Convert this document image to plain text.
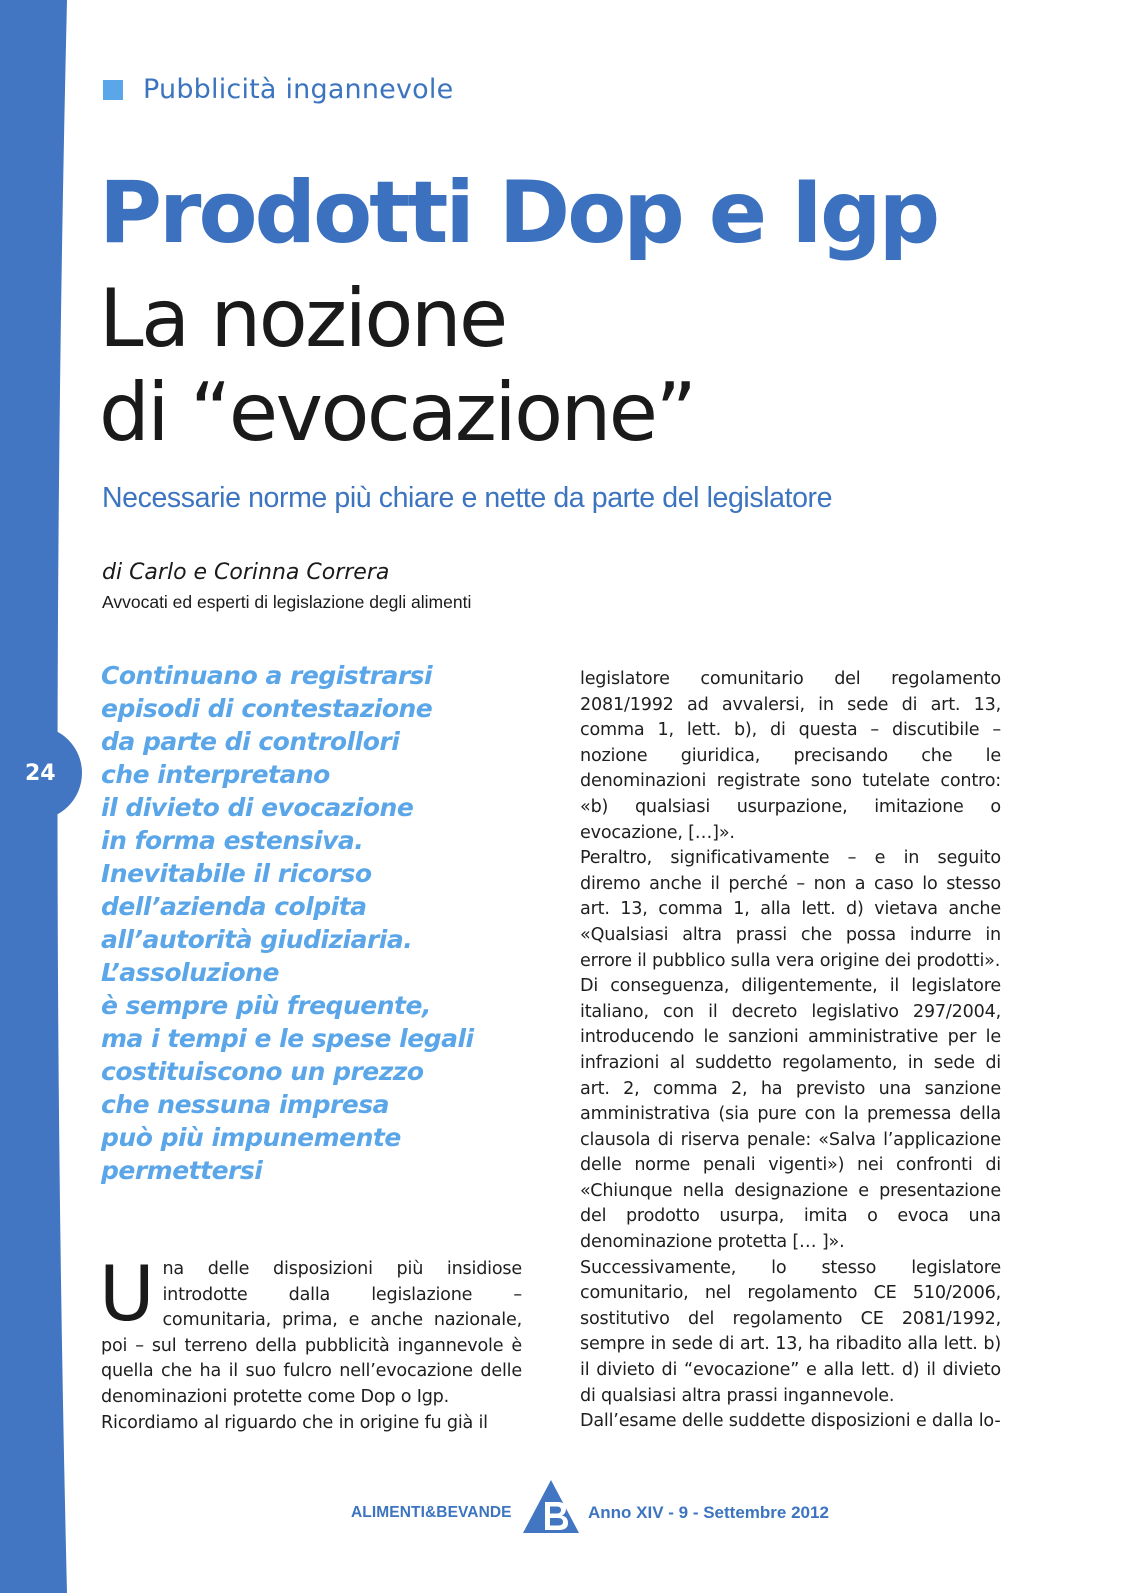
Pubblicità ingannevole
Prodotti Dop e Igp
La nozione
di “evocazione”
Necessarie norme più chiare e nette da parte del legislatore
di Carlo e Corinna Correra
Avvocati ed esperti di legislazione degli alimenti
24
Continuano a registrarsi
episodi di contestazione
da parte di controllori
che interpretano
il divieto di evocazione
in forma estensiva.
Inevitabile il ricorso
dell’azienda colpita
all’autorità giudiziaria.
L’assoluzione
è sempre più frequente,
ma i tempi e le spese legali
costituiscono un prezzo
che nessuna impresa
può più impunemente
permettersi

Una delle disposizioni più insidiose introdotte dalla legislazione – comunitaria, prima, e anche nazionale, poi – sul terreno della pubblicità ingannevole è quella che ha il suo fulcro nell’evocazione delle denominazioni protette come Dop o Igp.

Ricordiamo al riguardo che in origine fu già il

legislatore comunitario del regolamento 2081/1992 ad avvalersi, in sede di art. 13, comma 1, lett. b), di questa – discutibile – nozione giuridica, precisando che le denominazioni registrate sono tutelate contro: «b) qualsiasi usurpazione, imitazione o evocazione, […]».

Peraltro, significativamente – e in seguito diremo anche il perché – non a caso lo stesso art. 13, comma 1, alla lett. d) vietava anche «Qualsiasi altra prassi che possa indurre in errore il pubblico sulla vera origine dei prodotti».

Di conseguenza, diligentemente, il legislatore italiano, con il decreto legislativo 297/2004, introducendo le sanzioni amministrative per le infrazioni al suddetto regolamento, in sede di art. 2, comma 2, ha previsto una sanzione amministrativa (sia pure con la premessa della clausola di riserva penale: «Salva l’applicazione delle norme penali vigenti») nei confronti di «Chiunque nella designazione e presentazione del prodotto usurpa, imita o evoca una denominazione protetta [… ]».

Successivamente, lo stesso legislatore comunitario, nel regolamento CE 510/2006, sostitutivo del regolamento CE 2081/1992, sempre in sede di art. 13, ha ribadito alla lett. b) il divieto di “evocazione” e alla lett. d) il divieto di qualsiasi altra prassi ingannevole.

Dall’esame delle suddette disposizioni e dalla lo-

ALIMENTI&BEVANDE	Anno XIV - 9 - Settembre 2012
